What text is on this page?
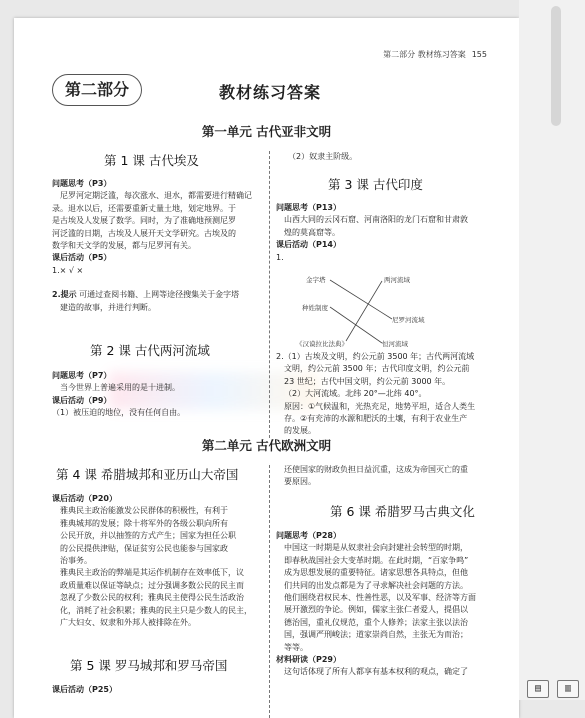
第二部分 教材练习答案 155
第二部分	教材练习答案
第一单元 古代亚非文明
第 1 课 古代埃及

问题思考（P3）

尼罗河定期泛滥，每次涨水、退水，都需要进行精确记

录。退水以后，还需要重新丈量土地，划定地界。于

是古埃及人发展了数学。同时，为了准确地预测尼罗

河泛滥的日期，古埃及人展开天文学研究。古埃及的

数学和天文学的发展，都与尼罗河有关。

课后活动（P5）

1.× √ ×

2.提示 可通过查阅书籍、上网等途径搜集关于金字塔

建造的故事，并进行判断。

第 2 课 古代两河流域

问题思考（P7）

当今世界上普遍采用的是十进制。

课后活动（P9）

（1）被压迫的地位，没有任何自由。

（2）奴隶主阶级。

第 3 课 古代印度

问题思考（P13）

山西大同的云冈石窟、河南洛阳的龙门石窟和甘肃敦

煌的莫高窟等。

课后活动（P14）

1.

金字塔
种姓制度
《汉谟拉比法典》
两河流域
尼罗河流域
恒河流域

2.（1）古埃及文明，约公元前 3500 年；古代两河流域

文明，约公元前 3500 年；古代印度文明，约公元前

23 世纪；古代中国文明，约公元前 3000 年。

（2）大河流域。北纬 20°—北纬 40°。

原因：①气候温和，光热充足，地势平坦，适合人类生

存。②有充沛的水源和肥沃的土壤，有利于农业生产

的发展。

第二单元 古代欧洲文明
第 4 课 希腊城邦和亚历山大帝国

课后活动（P20）

雅典民主政治能激发公民群体的积极性，有利于

雅典城邦的发展；除十将军外的各级公职向所有

公民开放，并以抽签的方式产生；国家为担任公职

的公民提供津贴，保证贫穷公民也能参与国家政

治事务。

雅典民主政治的弊端是其运作机制存在效率低下，议

政质量难以保证等缺点；过分强调多数公民的民主而

忽视了少数公民的权利；雅典民主使得公民生活政治

化，消耗了社会积累；雅典的民主只是少数人的民主，

广大妇女、奴隶和外邦人被排除在外。

第 5 课 罗马城邦和罗马帝国

课后活动（P25）

还使国家的财政负担日益沉重，这成为帝国灭亡的重

要原因。

第 6 课 希腊罗马古典文化

问题思考（P28）

中国这一时期是从奴隶社会向封建社会转型的时期，

即春秋战国社会大变革时期。在此时期，“百家争鸣”

成为思想发展的重要特征。诸家思想各具特点，但他

们共同的出发点都是为了寻求解决社会问题的方法。

他们围绕君权民本、性善性恶，以及军事、经济等方面

展开激烈的争论。例如，儒家主张仁者爱人，提倡以

德治国，重礼仪规范，重个人修养；法家主张以法治

国，强调严刑峻法；道家崇尚自然，主张无为而治；

等等。

材料研读（P29）

这句话体现了所有人都享有基本权利的观点，确定了

▤	▥
